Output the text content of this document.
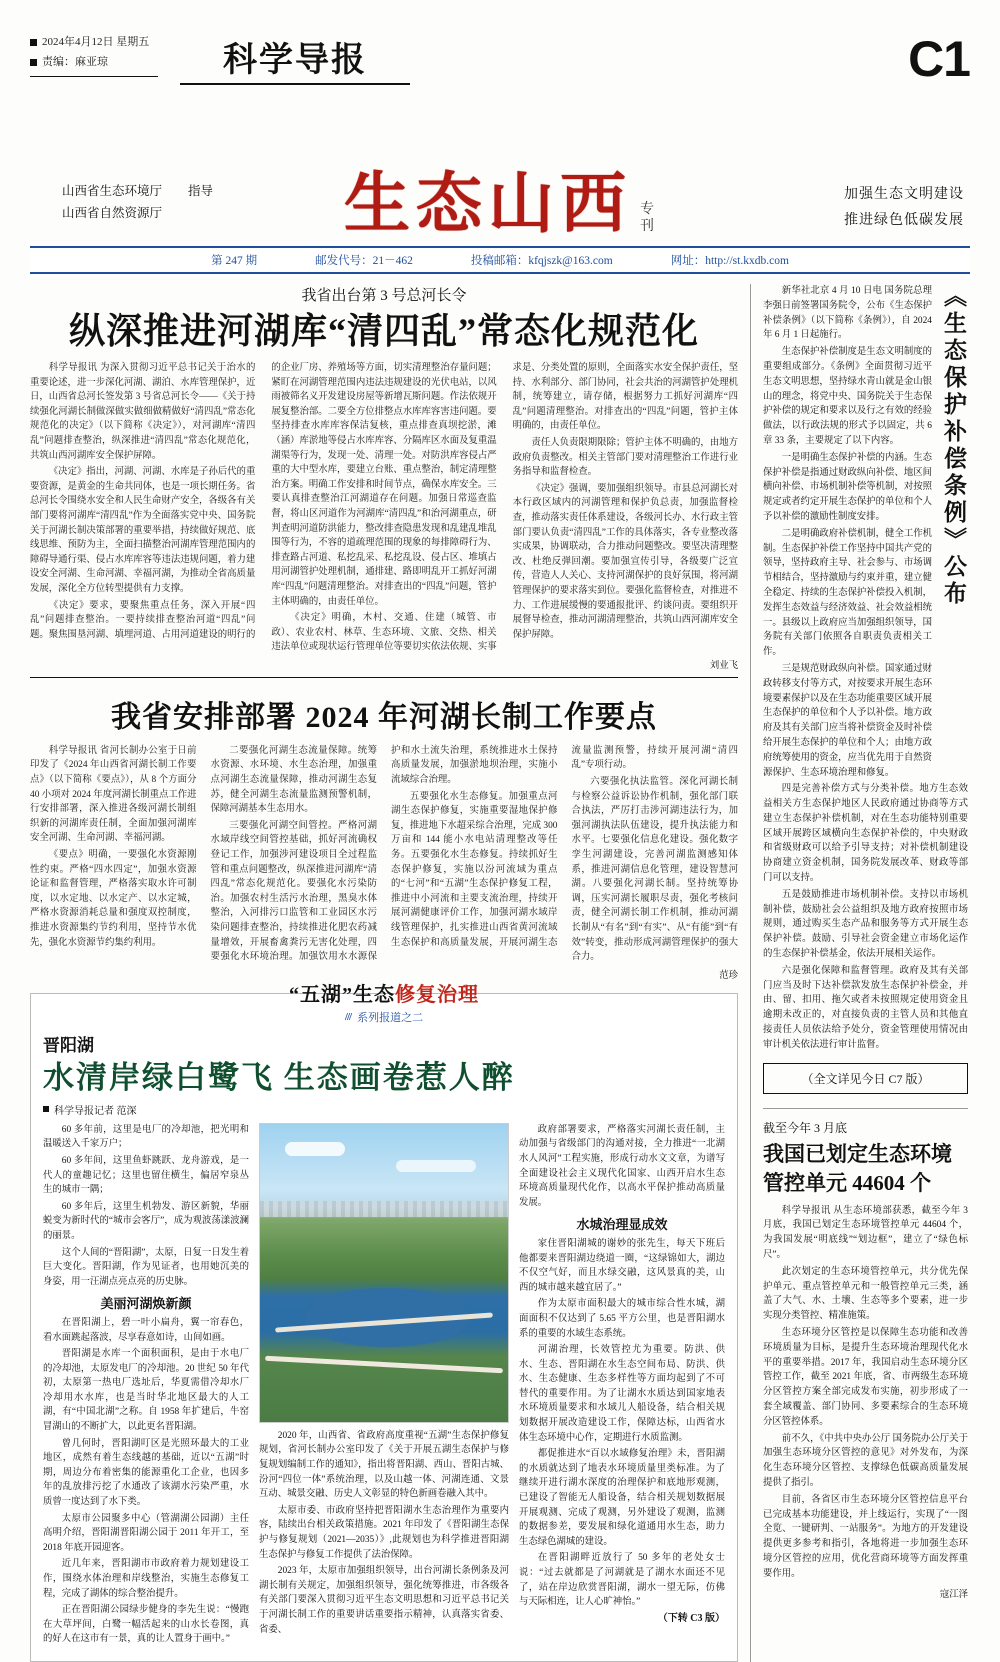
2024年4月12日 星期五
责编：麻亚琼	科学导报	C1
山西省生态环境厅 指导
山西省自然资源厅	生态山西 专
刊
加强生态文明建设
推进绿色低碳发展
第 247 期	邮发代号：21－462	投稿邮箱：kfqjszk@163.com	网址：http://st.kxdb.com
我省出台第 3 号总河长令
纵深推进河湖库“清四乱”常态化规范化

科学导报讯 为深入贯彻习近平总书记关于治水的重要论述，进一步深化河湖、湖泊、水库管理保护，近日，山西省总河长签发第 3 号省总河长令——《关于持续强化河湖长制做深做实做细做精做好“清四乱”常态化规范化的决定》（以下简称《决定》），对河湖库“清四乱”问题排查整治，纵深推进“清四乱”常态化规范化，共筑山西河湖库安全保护屏障。

《决定》指出，河湖、河湖、水库是子孙后代的重要资源，是黄金的生命共同体，也是一项长期任务。省总河长令围绕水安全和人民生命财产安全，各级各有关部门要将河湖库“清四乱”作为全面落实党中央、国务院关于河湖长制决策部署的重要举措，持续做好规范、底线思维、预防为主，全面扫描整治河湖库管理范围内的障碍导通行渠、侵占水库库容等违法违规问题，着力建设安全河湖、生命河湖、幸福河湖，为推动全省高质量发展，深化全方位转型提供有力支撑。

《决定》要求，要聚焦重点任务，深入开展“四乱”问题排查整治。一要持续排查整治河道“四乱”问题。聚焦围垦河湖、填埋河道、占用河道建设的明行的的企业厂房、养殖场等方面，切实清理整治存量问题；紧盯在河湖管理范围内违法违规建设的光伏电站，以风雨被筛名义开发建设房屋等新增瓦斯问题。作法依规开展复整治部。二要全方位排整点水库库容害违问题。要坚持排查水库库容保洁复核，重点排查真坝挖淤，滩（涵）库淤地等侵占水库库容、分隔库区水面及复重温湖渠等行为，发现一处、清理一处。对防洪库容侵占严重的大中型水库，要建立台账、重点整治，制定清理整治方案。明确工作安排和时间节点，确保水库安全。三要认真排查整治江河湖道存在问题。加强日常巡查监督，将山区河道作为河湖库“清四乱”和治河湖重点，研判查明河道防洪能力，整改排查隐患发现和乱建乱堆乱围等行为，不容的道疏理范围的现象的每排障碍行为、排查路占河道、私挖乱采、私挖乱设、侵占区、堆填占用河湖管护处理机制，通排建、路即明乱开工抓好河湖库“四乱”问题清理整治。对排查出的“四乱”问题，管护主体明确的，由责任单位。

《决定》明确，木村、交通、住建（城管、市政）、农业农村、林草、生态环境、文旅、交热、相关违法单位或现状运行管理单位等要切实依法依规、实事求是、分类处置的原则，全面落实水安全保护责任，坚持、水利部分、部门协同，社会共治的河湖管护处理机制，统筹建立，请存储，根据努力工抓好河湖库“四乱”问题清理整治。对排查出的“四乱”问题，管护主体明确的，由责任单位。

责任人负责限期限除；管护主体不明确的，由地方政府负责整改。相关主管部门要对清理整治工作进行业务指导和监督检查。

《决定》强调，要加强组织领导。市县总河湖长对本行政区域内的河湖管理和保护负总责，加强监督检查，推动落实责任体系建设，各级河长办、水行政主管部门要认负责“清四乱”工作的具体落实，各专业整改落实成果，协调联动，合力推动问题整改。要坚决清理整改、杜绝反弹回潮。要加强宣传引导，各级要广泛宣传，营造人人关心、支持河湖保护的良好氛围，将河湖管理保护的要求落实到位。要强化监督检查，对推进不力、工作进展缓慢的要通报批评、约谈问责。要组织开展督导检查，推动河湖清理整治，共筑山西河湖库安全保护屏障。

刘业飞
我省安排部署 2024 年河湖长制工作要点

科学导报讯 省河长制办公室于日前印发了《2024 年山西省河湖长制工作要点》（以下简称《要点》），从 8 个方面分 40 小项对 2024 年度河湖长制重点工作进行安排部署，深入推进各级河湖长制组织新的河湖库责任制，全面加强河湖库安全河湖、生命河湖、幸福河湖。

《要点》明确，一要强化水资源刚性约束。严格“四水四定”，加强水资源论证和监督管理，严格落实取水许可制度，以水定地、以水定产、以水定城，严格水资源消耗总量和强度双控制度，推进水资源集约节约利用，坚持节水优先，强化水资源节约集约利用。

二要强化河湖生态流量保障。统筹水资源、水环境、水生态治理，加强重点河湖生态流量保障，推动河湖生态复苏，健全河湖生态流量监测预警机制，保障河湖基本生态用水。

三要强化河湖空间管控。严格河湖水域岸线空间管控基础，抓好河流确权登记工作，加强涉河建设项目全过程监管和重点问题整改，纵深推进河湖库“清四乱”常态化规范化。要强化水污染防治。加强农村生活污水治理，黑臭水体整治，入河排污口监管和工业园区水污染问题排查整治，持续推进化肥农药减量增效，开展畜禽粪污无害化处理，四要强化水环境治理。加强饮用水水源保护和水土流失治理，系统推进水土保持高质量发展，加强淤地坝治理，实施小流域综合治理。

五要强化水生态修复。加强重点河湖生态保护修复，实施重要湿地保护修复，推进地下水超采综合治理，完成 300 万亩和 144 能小水电站清理整改等任务。五要强化水生态修复。持续抓好生态保护修复，实施以汾河流域为重点的“七河”和“五湖”生态保护修复工程，推进中小河流和主要支流治理，持续开展河湖健康评价工作，加强河湖水域岸线管理保护，扎实推进山西省黄河流域生态保护和高质量发展，开展河湖生态流量监测预警，持续开展河湖“清四乱”专项行动。

六要强化执法监管。深化河湖长制与检察公益诉讼协作机制，强化部门联合执法，严厉打击涉河湖违法行为，加强河湖执法队伍建设，提升执法能力和水平。七要强化信息化建设。强化数字孪生河湖建设，完善河湖监测感知体系，推进河湖信息化管理，建设智慧河湖。八要强化河湖长制。坚持统筹协调，压实河湖长履职尽责，强化考核问责，健全河湖长制工作机制，推动河湖长制从“有名”到“有实”、从“有能”到“有效”转变，推动形成河湖管理保护的强大合力。

范珍
“五湖”生态修复治理
/// 系列报道之二
晋阳湖
水清岸绿白鹭飞 生态画卷惹人醉
科学导报记者 范深

60 多年前，这里是电厂的冷却池，把光明和温暖送入千家万户；

60 多年间，这里鱼虾跳跃、龙舟游戏，是一代人的童趣记忆；这里也留住横生，偏居窄泉丛生的城市一隅；

60 多年后，这里生机勃发、游区新貌，华丽蜕变为新时代的“城市会客厅”，成为观波荡漾波澜的丽景。

这个人间的“晋阳湖”，太原，日复一日发生着巨大变化。晋阳湖，作为见证者，也用她沉美的身姿，用一汪湖点亮点亮的历史脉。

美丽河湖焕新颜

在晋阳湖上，碧一叶小扁舟，翼一帘春色，看水面跳起落波，尽享春意如诗，山间如画。

晋阳湖是水库一个面积面积，是由于水电厂的冷却池，太原发电厂的冷却池。20 世纪 50 年代初，太原第一热电厂选址后，华夏需借冷却水厂冷却用水水库，也是当时华北地区最大的人工湖，有“中国北湖”之称。自 1958 年扩建后，牛窑冒湖山的不断扩大，以此更名晋阳湖。

曾几何时，晋阳湖叮区是光照环最大的工业地区，成然有着生态线越的基础，近以“五湖”时期，周边分布着密集的能源重化工企业，也因多年的乱放排污挖了水通改了该湖水污染严重，水质曾一度达到了水下类。

太原市公园聚多中心（管湖湖公园湖）主任高明介绍，晋阳湖晋阳湖公园于 2011 年开工，至 2018 年底开园迎客。

近几年来，晋阳湖市市政府着力规划建设工作，围绕水体治理和岸线整治，实施生态修复工程，完成了湖体的综合整治提升。

正在晋阳湖公园绿步健身的李先生说：“慢跑在大草坪间，白鹭一幅活起来的山水长卷图，真的好人在这市有一景，真的让人置身于画中。”

2020 年，山西省、省政府高度重视“五湖”生态保护修复规划，省河长制办公室印发了《关于开展五湖生态保护与修复规划编制工作的通知》，指出将晋阳湖、西山、晋阳古城、汾河“四位一体”系统治理，以及山越一体、河湖连通、文景互动、城景交融、历史人文彰显的特色新画卷融入其中。

太原市委、市政府坚持把晋阳湖水生态治理作为重要内容，陆续出台相关政策措施。2021 年印发了《晋阳湖生态保护与修复规划（2021—2035）》,此规划也为科学推进晋阳湖生态保护与修复工作提供了法治保障。

2023 年，太原市加强组织领导，出台河湖长条例条及河湖长制有关规定，加强组织领导，强化统筹推进，市各级各有关部门要深入贯彻习近平生态文明思想和习近平总书记关于河湖长制工作的重要讲话重要指示精神，认真落实省委、省委、

政府部署要求，严格落实河湖长责任制，主动加强与省级部门的沟通对接，全力推进“一北湖水人风河”工程实施，形成行动水文文章，为谱写全面建设社会主义现代化国家、山西开启水生态环境高质量现代化作，以高水平保护推动高质量发展。

水城治理显成效

家住晋阳湖城的谢妙的张先生，每天下班后他都要来晋阳湖边绕道一圈，“这绿锦如大，湖边不仅空气好，而且水绿交融，这风景真的美，山西的城市越来越宜居了。”

作为太原市面积最大的城市综合性水城，湖面面积不仅达到了 5.65 平方公里，也是晋阳湖水系的重要的水域生态系统。

河湖治理，长效管控尤为重要。防洪、供水、生态、晋阳湖在水生态空间布局、防洪、供水、生态健康、生态多样性等方面均起到了不可替代的重要作用。为了让湖水水质达到国家地表水环境质量要求和水域儿人船设备，结合相关规划数据开展改造建设工作，保障达标，山西省水体生态环境中心作，定期进行水质监测。

都促推进水“百以水域修复治理》未，晋阳湖的水质就达到了地表水环境质量里类标准。为了继续开进行湖水深度的治理保护和底地形观测，已建设了智能无人船设备，结合相关规划数据展开展观测、完成了观测，另外建设了观测，监测的数据参差，要发展和绿化道通用水生态，助力生态绿色湖城的建设。

在晋阳湖畔近放行了 50 多年的老处女士说：“过去就都是了河湖就是了湖水水面还不见了，站在岸边欣赏晋阳湖，湖水一望无际，仿佛与天际相连，让人心旷神怡。”

（下转 C3 版）
《生态保护补偿条例》公布

新华社北京 4 月 10 日电 国务院总理李强日前签署国务院令，公布《生态保护补偿条例》（以下简称《条例》），自 2024 年 6 月 1 日起施行。

生态保护补偿制度是生态文明制度的重要组成部分。《条例》全面贯彻习近平生态文明思想，坚持绿水青山就是金山银山的理念，将党中央、国务院关于生态保护补偿的规定和要求以及行之有效的经验做法，以行政法规的形式予以固定，共 6 章 33 条，主要规定了以下内容。

一是明确生态保护补偿的内涵。生态保护补偿是指通过财政纵向补偿、地区间横向补偿、市场机制补偿等机制，对按照规定或者约定开展生态保护的单位和个人予以补偿的激励性制度安排。

二是明确政府补偿机制，健全工作机制。生态保护补偿工作坚持中国共产党的领导，坚持政府主导、社会参与、市场调节相结合，坚持激励与约束并重，建立健全稳定、持续的生态保护补偿投入机制，发挥生态效益与经济效益、社会效益相统一。县级以上政府应当加强组织领导，国务院有关部门依照各自职责负责相关工作。

三是规范财政纵向补偿。国家通过财政转移支付等方式，对按要求开展生态环境要素保护以及在生态功能重要区域开展生态保护的单位和个人予以补偿。地方政府及其有关部门应当将补偿资金及时补偿给开展生态保护的单位和个人；由地方政府统筹使用的资金，应当优先用于自然资源保护、生态环境治理和修复。

四是完善补偿方式与分类补偿。地方生态效益相关方生态保护地区人民政府通过协商等方式建立生态保护补偿机制，对在生态功能特别重要区域开展跨区域横向生态保护补偿的，中央财政和省级财政可以给予引导支持；对补偿机制建设协商建立资金机制，国务院发展改革、财政等部门可以支持。

五是鼓励推进市场机制补偿。支持以市场机制补偿，鼓励社会公益组织及地方政府按照市场规则，通过购买生态产品和服务等方式开展生态保护补偿。鼓励、引导社会资金建立市场化运作的生态保护补偿基金，依法开展相关运作。

六是强化保障和监督管理。政府及其有关部门应当及时下达补偿款发放生态保护补偿金，并由、留、扣用、拖欠或者未按照规定使用资金且逾期未改正的，对直接负责的主管人员和其他直接责任人员依法给予处分，资金管理使用情况由审计机关依法进行审计监督。

（全文详见今日 C7 版）
截至今年 3 月底
我国已划定生态环境管控单元 44604 个

科学导报讯 从生态环境部获悉，截至今年 3 月底，我国已划定生态环境管控单元 44604 个，为我国发展“明底线”“划边框”，建立了“绿色标尺”。

此次划定的生态环境管控单元，共分优先保护单元、重点管控单元和一般管控单元三类，涵盖了大气、水、土壤、生态等多个要素，进一步实现分类管控、精准施策。

生态环境分区管控是以保障生态功能和改善环境质量为目标，是提升生态环境治理现代化水平的重要举措。2017 年，我国启动生态环境分区管控工作，截至 2021 年底，省、市两级生态环境分区管控方案全部完成发布实施，初步形成了一套全域覆盖、部门协同、多要素综合的生态环境分区管控体系。

前不久，《中共中央办公厅 国务院办公厅关于加强生态环境分区管控的意见》对外发布，为深化生态环境分区管控、支撑绿色低碳高质量发展提供了指引。

目前，各省区市生态环境分区管控信息平台已完成基本功能建设，并上线运行，实现了“一图全览、一键研判、一站服务”。为地方的开发建设提供更多参考和指引，各地将进一步加强生态环境分区管控的应用，优化营商环境等方面发挥重要作用。

寇江泽
